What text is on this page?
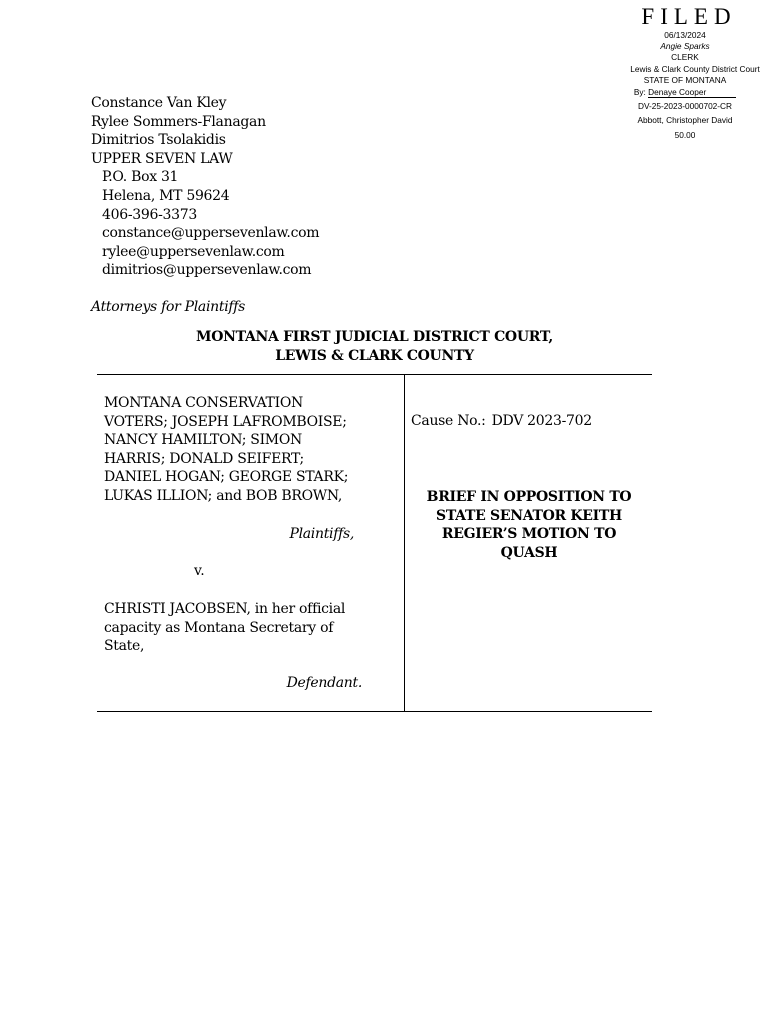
FILED
06/13/2024
Angie Sparks
CLERK
Lewis & Clark County District Court
STATE OF MONTANA
By: Denaye Cooper
DV-25-2023-0000702-CR
Abbott, Christopher David
50.00
Constance Van Kley
Rylee Sommers-Flanagan
Dimitrios Tsolakidis
UPPER SEVEN LAW
P.O. Box 31
Helena, MT 59624
406-396-3373
constance@uppersevenlaw.com
rylee@uppersevenlaw.com
dimitrios@uppersevenlaw.com
Attorneys for Plaintiffs
MONTANA FIRST JUDICIAL DISTRICT COURT,
LEWIS & CLARK COUNTY
MONTANA CONSERVATION
VOTERS; JOSEPH LAFROMBOISE;
NANCY HAMILTON; SIMON
HARRIS; DONALD SEIFERT;
DANIEL HOGAN; GEORGE STARK;
LUKAS ILLION; and BOB BROWN,
Plaintiffs,
v.
CHRISTI JACOBSEN, in her official
capacity as Montana Secretary of
State,
Defendant.
Cause No.: DDV 2023-702
BRIEF IN OPPOSITION TO
STATE SENATOR KEITH
REGIER’S MOTION TO
QUASH
